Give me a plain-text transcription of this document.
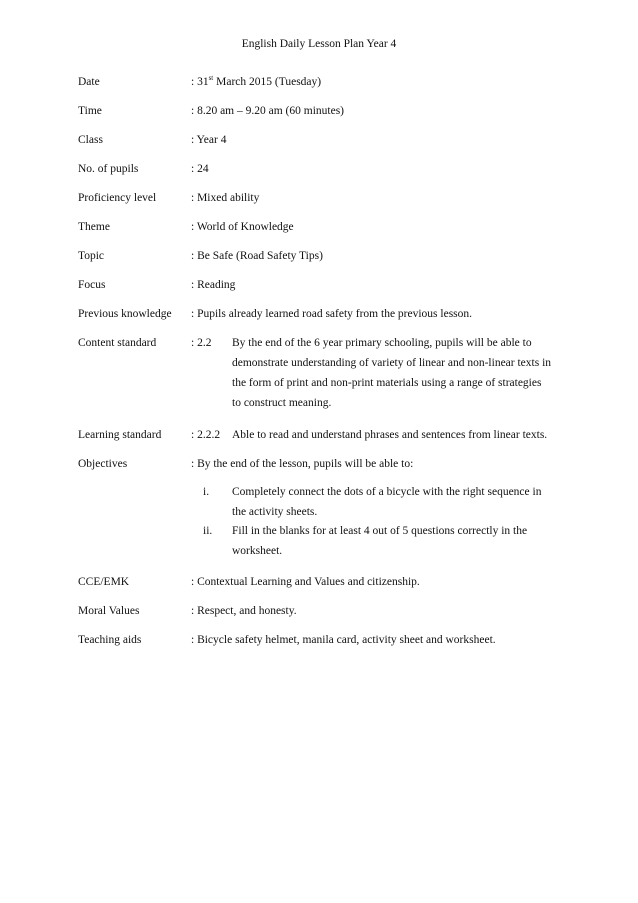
English Daily Lesson Plan Year 4
Date	: 31st March 2015 (Tuesday)
Time	: 8.20 am – 9.20 am (60 minutes)
Class	: Year 4
No. of pupils	: 24
Proficiency level	: Mixed ability
Theme	: World of Knowledge
Topic	: Be Safe (Road Safety Tips)
Focus	: Reading
Previous knowledge : Pupils already learned road safety from the previous lesson.
Content standard	: 2.2 By the end of the 6 year primary schooling, pupils will be able to
demonstrate understanding of variety of linear and non-linear texts in
the form of print and non-print materials using a range of strategies
to construct meaning.
Learning standard	: 2.2.2 Able to read and understand phrases and sentences from linear texts.
Objectives	: By the end of the lesson, pupils will be able to:
i. Completely connect the dots of a bicycle with the right sequence in
the activity sheets.
ii. Fill in the blanks for at least 4 out of 5 questions correctly in the
worksheet.
CCE/EMK	: Contextual Learning and Values and citizenship.
Moral Values	: Respect, and honesty.
Teaching aids	: Bicycle safety helmet, manila card, activity sheet and worksheet.
